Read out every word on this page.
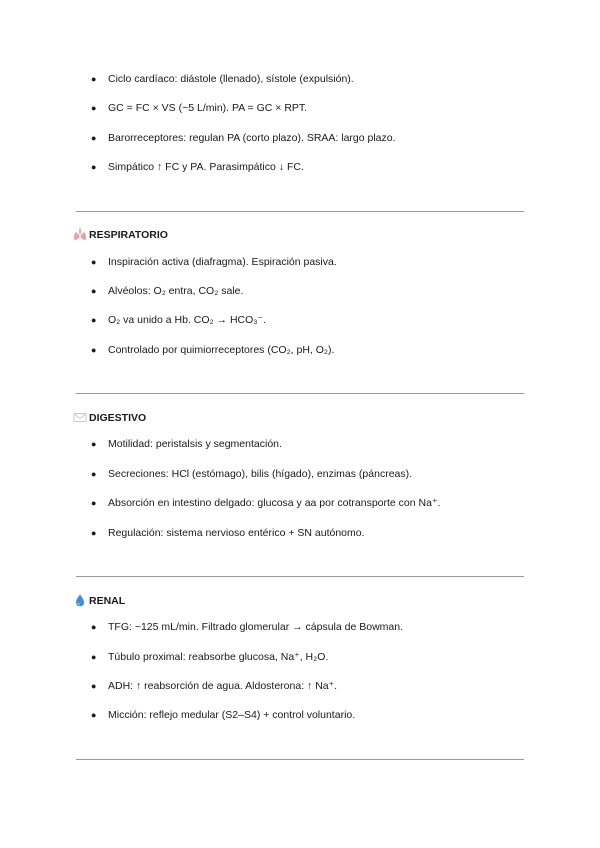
● Ciclo cardíaco: diástole (llenado), sístole (expulsión).
● GC = FC × VS (~5 L/min). PA = GC × RPT.
● Barorreceptores: regulan PA (corto plazo). SRAA: largo plazo.
● Simpático ↑ FC y PA. Parasimpático ↓ FC.
RESPIRATORIO
● Inspiración activa (diafragma). Espiración pasiva.
● Alvéolos: O₂ entra, CO₂ sale.
● O₂ va unido a Hb. CO₂ → HCO₃⁻.
● Controlado por quimiorreceptores (CO₂, pH, O₂).
DIGESTIVO
● Motilidad: peristalsis y segmentación.
● Secreciones: HCl (estómago), bilis (hígado), enzimas (páncreas).
● Absorción en intestino delgado: glucosa y aa por cotransporte con Na⁺.
● Regulación: sistema nervioso entérico + SN autónomo.
RENAL
● TFG: ~125 mL/min. Filtrado glomerular → cápsula de Bowman.
● Túbulo proximal: reabsorbe glucosa, Na⁺, H₂O.
● ADH: ↑ reabsorción de agua. Aldosterona: ↑ Na⁺.
● Micción: reflejo medular (S2–S4) + control voluntario.
